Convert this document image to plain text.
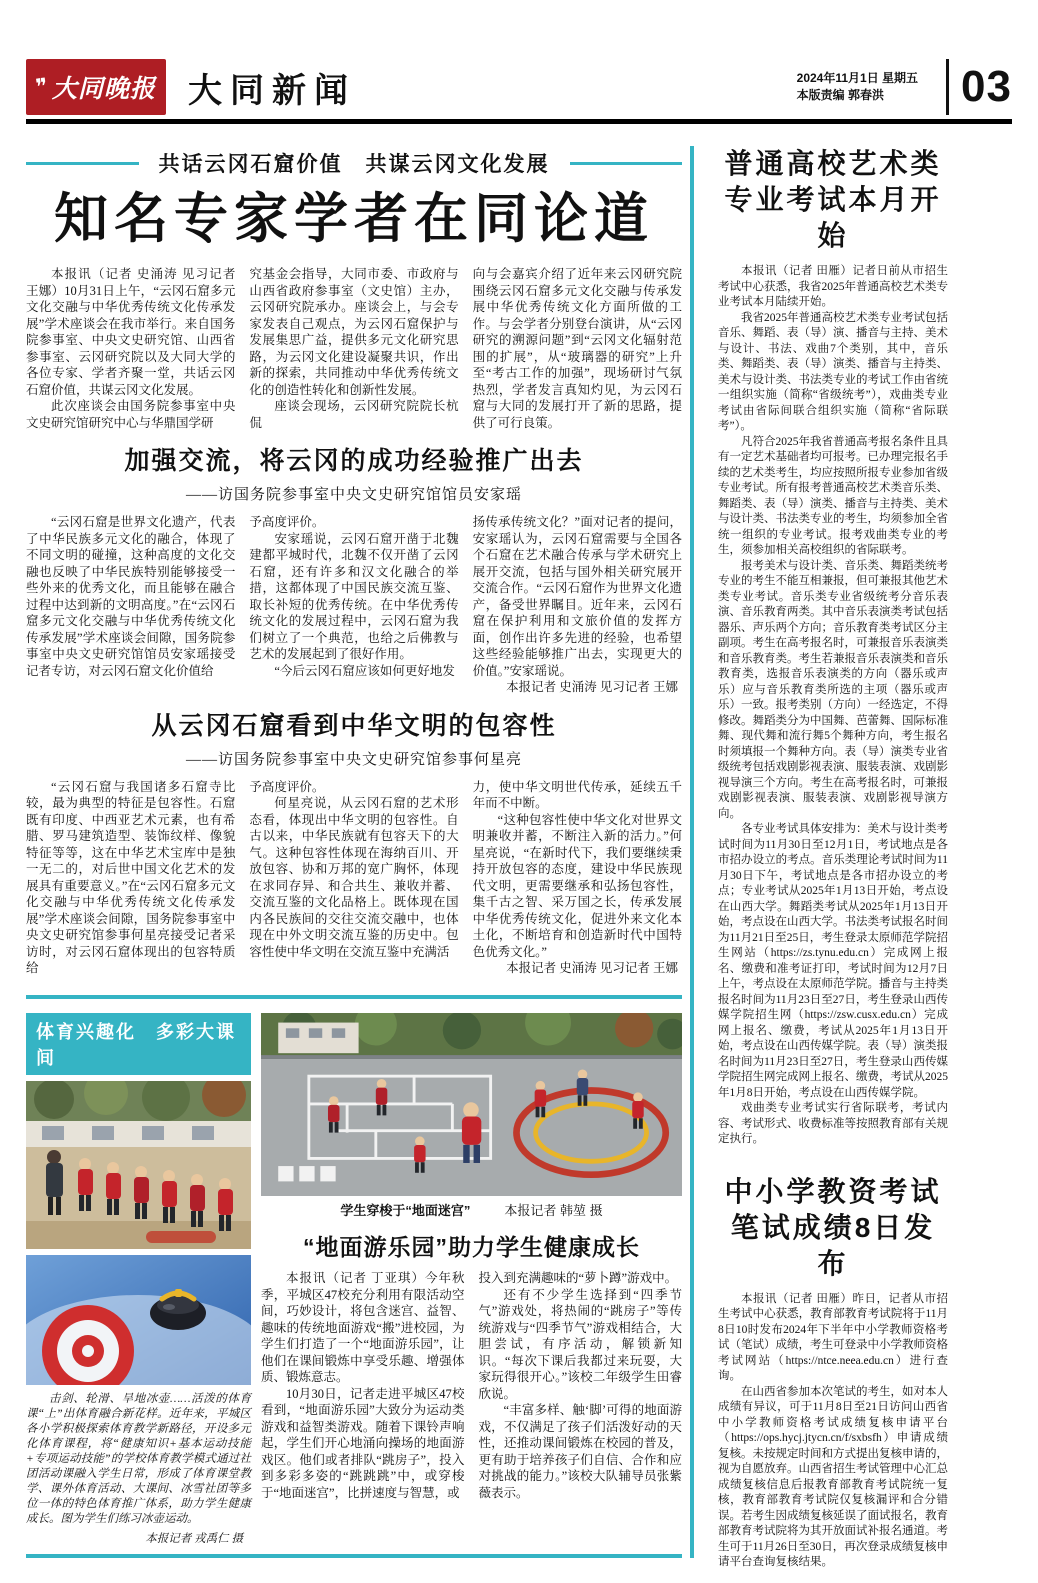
❞ 大同晚报 大同新闻	2024年11月1日 星期五
本版责编 郭春洪	03
共话云冈石窟价值　共谋云冈文化发展
知名专家学者在同论道

本报讯（记者 史涌涛 见习记者 王娜）10月31日上午，“云冈石窟多元文化交融与中华优秀传统文化传承发展”学术座谈会在我市举行。来自国务院参事室、中央文史研究馆、山西省参事室、云冈研究院以及大同大学的各位专家、学者齐聚一堂，共话云冈石窟价值，共谋云冈文化发展。

此次座谈会由国务院参事室中央文史研究馆研究中心与华鼎国学研

究基金会指导，大同市委、市政府与山西省政府参事室（文史馆）主办，云冈研究院承办。座谈会上，与会专家发表自己观点，为云冈石窟保护与发展集思广益，提供多元文化研究思路，为云冈文化建设凝聚共识，作出新的探索，共同推动中华优秀传统文化的创造性转化和创新性发展。

座谈会现场，云冈研究院院长杭侃

向与会嘉宾介绍了近年来云冈研究院围绕云冈石窟多元文化交融与传承发展中华优秀传统文化方面所做的工作。与会学者分别登台演讲，从“云冈研究的溯源问题”到“云冈文化辐射范围的扩展”，从“玻璃器的研究”上升至“考古工作的加强”，现场研讨气氛热烈，学者发言真知灼见，为云冈石窟与大同的发展打开了新的思路，提供了可行良策。

加强交流，将云冈的成功经验推广出去
——访国务院参事室中央文史研究馆馆员安家瑶

“云冈石窟是世界文化遗产，代表了中华民族多元文化的融合，体现了不同文明的碰撞，这种高度的文化交融也反映了中华民族特别能够接受一些外来的优秀文化，而且能够在融合过程中达到新的文明高度。”在“云冈石窟多元文化交融与中华优秀传统文化传承发展”学术座谈会间隙，国务院参事室中央文史研究馆馆员安家瑶接受记者专访，对云冈石窟文化价值给

予高度评价。

安家瑶说，云冈石窟开凿于北魏建都平城时代，北魏不仅开凿了云冈石窟，还有许多和汉文化融合的举措，这都体现了中国民族交流互鉴、取长补短的优秀传统。在中华优秀传统文化的发展过程中，云冈石窟为我们树立了一个典范，也给之后佛教与艺术的发展起到了很好作用。

“今后云冈石窟应该如何更好地发

扬传承传统文化？”面对记者的提问，安家瑶认为，云冈石窟需要与全国各个石窟在艺术融合传承与学术研究上展开交流，包括与国外相关研究展开交流合作。“云冈石窟作为世界文化遗产，备受世界瞩目。近年来，云冈石窟在保护利用和文旅价值的发挥方面，创作出许多先进的经验，也希望这些经验能够推广出去，实现更大的价值。”安家瑶说。

本报记者 史涌涛 见习记者 王娜

从云冈石窟看到中华文明的包容性
——访国务院参事室中央文史研究馆参事何星亮

“云冈石窟与我国诸多石窟寺比较，最为典型的特征是包容性。石窟既有印度、中西亚艺术元素，也有希腊、罗马建筑造型、装饰纹样、像貌特征等等，这在中华艺术宝库中是独一无二的，对后世中国文化艺术的发展具有重要意义。”在“云冈石窟多元文化交融与中华优秀传统文化传承发展”学术座谈会间隙，国务院参事室中央文史研究馆参事何星亮接受记者采访时，对云冈石窟体现出的包容特质给

予高度评价。

何星亮说，从云冈石窟的艺术形态看，体现出中华文明的包容性。自古以来，中华民族就有包容天下的大气。这种包容性体现在海纳百川、开放包容、协和万邦的宽广胸怀，体现在求同存异、和合共生、兼收并蓄、交流互鉴的文化品格上。既体现在国内各民族间的交往交流交融中，也体现在中外文明交流互鉴的历史中。包容性使中华文明在交流互鉴中充满活

力，使中华文明世代传承，延续五千年而不中断。

“这种包容性使中华文化对世界文明兼收并蓄，不断注入新的活力。”何星亮说，“在新时代下，我们要继续秉持开放包容的态度，建设中华民族现代文明，更需要继承和弘扬包容性，集千古之智、采万国之长，传承发展中华优秀传统文化，促进外来文化本土化，不断培育和创造新时代中国特色优秀文化。”

本报记者 史涌涛 见习记者 王娜

体育兴趣化　多彩大课间

击剑、轮滑、旱地冰壶……活泼的体育课“上”出体育融合新花样。近年来，平城区各小学积极探索体育教学新路径，开设多元化体育课程，将“健康知识+基本运动技能+专项运动技能”的学校体育教学模式通过社团活动课融入学生日常，形成了体育课堂教学、课外体育活动、大课间、冰雪社团等多位一体的特色体育推广体系，助力学生健康成长。图为学生们练习冰壶运动。

本报记者 戎禹仁 摄
学生穿梭于“地面迷宫”	本报记者 韩堃 摄
“地面游乐园”助力学生健康成长

本报讯（记者 丁亚琪）今年秋季，平城区47校充分利用有限活动空间，巧妙设计，将包含迷宫、益智、趣味的传统地面游戏“搬”进校园，为学生们打造了一个“地面游乐园”，让他们在课间锻炼中享受乐趣、增强体质、锻炼意志。

10月30日，记者走进平城区47校看到，“地面游乐园”大致分为运动类游戏和益智类游戏。随着下课铃声响起，学生们开心地涌向操场的地面游戏区。他们或者排队“跳房子”，投入到多彩多姿的“跳跳跳”中，或穿梭于“地面迷宫”，比拼速度与智慧，或

投入到充满趣味的“萝卜蹲”游戏中。

还有不少学生选择到“四季节气”游戏处，将热闹的“跳房子”等传统游戏与“四季节气”游戏相结合，大胆尝试，有序活动，解锁新知识。“每次下课后我都过来玩耍，大家玩得很开心。”该校二年级学生田睿欣说。

“丰富多样、触‘脚’可得的地面游戏，不仅满足了孩子们活泼好动的天性，还推动课间锻炼在校园的普及，更有助于培养孩子们自信、合作和应对挑战的能力。”该校大队辅导员张紫薇表示。

普通高校艺术类
专业考试本月开始

本报讯（记者 田雁）记者日前从市招生考试中心获悉，我省2025年普通高校艺术类专业考试本月陆续开始。

我省2025年普通高校艺术类专业考试包括音乐、舞蹈、表（导）演、播音与主持、美术与设计、书法、戏曲7个类别，其中，音乐类、舞蹈类、表（导）演类、播音与主持类、美术与设计类、书法类专业的考试工作由省统一组织实施（简称“省级统考”），戏曲类专业考试由省际间联合组织实施（简称“省际联考”）。

凡符合2025年我省普通高考报名条件且具有一定艺术基础者均可报考。已办理完报名手续的艺术类考生，均应按照所报专业参加省级专业考试。所有报考普通高校艺术类音乐类、舞蹈类、表（导）演类、播音与主持类、美术与设计类、书法类专业的考生，均须参加全省统一组织的专业考试。报考戏曲类专业的考生，须参加相关高校组织的省际联考。

报考美术与设计类、音乐类、舞蹈类统考专业的考生不能互相兼报，但可兼报其他艺术类专业考试。音乐类专业省级统考分音乐表演、音乐教育两类。其中音乐表演类考试包括器乐、声乐两个方向；音乐教育类考试区分主副项。考生在高考报名时，可兼报音乐表演类和音乐教育类。考生若兼报音乐表演类和音乐教育类，选报音乐表演类的方向（器乐或声乐）应与音乐教育类所选的主项（器乐或声乐）一致。报考类别（方向）一经选定，不得修改。舞蹈类分为中国舞、芭蕾舞、国际标准舞、现代舞和流行舞5个舞种方向，考生报名时须填报一个舞种方向。表（导）演类专业省级统考包括戏剧影视表演、服装表演、戏剧影视导演三个方向。考生在高考报名时，可兼报戏剧影视表演、服装表演、戏剧影视导演方向。

各专业考试具体安排为：美术与设计类考试时间为11月30日至12月1日，考试地点是各市招办设立的考点。音乐类理论考试时间为11月30日下午，考试地点是各市招办设立的考点；专业考试从2025年1月13日开始，考点设在山西大学。舞蹈类考试从2025年1月13日开始，考点设在山西大学。书法类考试报名时间为11月21日至25日，考生登录太原师范学院招生网站（https://zs.tynu.edu.cn）完成网上报名、缴费和准考证打印，考试时间为12月7日上午，考点设在太原师范学院。播音与主持类报名时间为11月23日至27日，考生登录山西传媒学院招生网（https://zsw.cusx.edu.cn）完成网上报名、缴费，考试从2025年1月13日开始，考点设在山西传媒学院。表（导）演类报名时间为11月23日至27日，考生登录山西传媒学院招生网完成网上报名、缴费，考试从2025年1月8日开始，考点设在山西传媒学院。

戏曲类专业考试实行省际联考，考试内容、考试形式、收费标准等按照教育部有关规定执行。

中小学教资考试
笔试成绩8日发布

本报讯（记者 田雁）昨日，记者从市招生考试中心获悉，教育部教育考试院将于11月8日10时发布2024年下半年中小学教师资格考试（笔试）成绩，考生可登录中小学教师资格考试网站（https://ntce.neea.edu.cn）进行查询。

在山西省参加本次笔试的考生，如对本人成绩有异议，可于11月8日至21日访问山西省中小学教师资格考试成绩复核申请平台（https://ops.hycj.jtycn.cn/f/sxbsfh）申请成绩复核。未按规定时间和方式提出复核申请的，视为自愿放弃。山西省招生考试管理中心汇总成绩复核信息后报教育部教育考试院统一复核，教育部教育考试院仅复核漏评和合分错误。若考生因成绩复核延误了面试报名，教育部教育考试院将为其开放面试补报名通道。考生可于11月26日至30日，再次登录成绩复核申请平台查询复核结果。
